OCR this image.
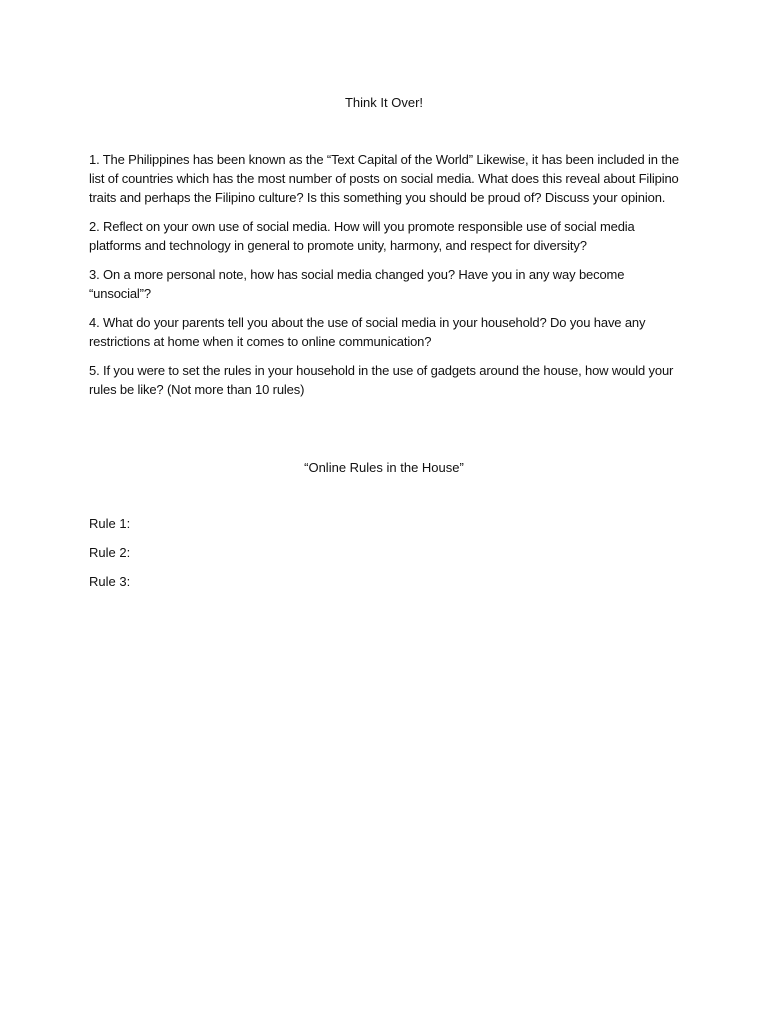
Think It Over!

1. The Philippines has been known as the “Text Capital of the World” Likewise, it has been included in the list of countries which has the most number of posts on social media. What does this reveal about Filipino traits and perhaps the Filipino culture? Is this something you should be proud of? Discuss your opinion.

2. Reflect on your own use of social media. How will you promote responsible use of social media platforms and technology in general to promote unity, harmony, and respect for diversity?

3. On a more personal note, how has social media changed you? Have you in any way become “unsocial”?

4. What do your parents tell you about the use of social media in your household? Do you have any restrictions at home when it comes to online communication?

5. If you were to set the rules in your household in the use of gadgets around the house, how would your rules be like? (Not more than 10 rules)

“Online Rules in the House”
Rule 1:
Rule 2:
Rule 3:
